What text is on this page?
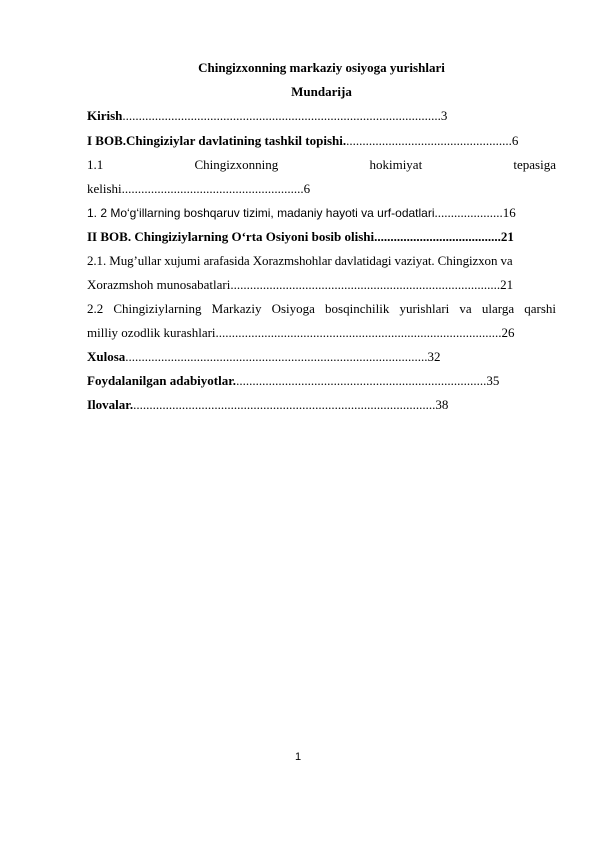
Chingizxonning markaziy osiyoga yurishlari
Mundarija
Kirish..................................................................................................3
I BOB.Chingiziylar davlatining tashkil topishi....................................................6
1.1	Chingizxonning	hokimiyat	tepasiga
kelishi........................................................6
1. 2 Mo‘g‘illarning boshqaruv tizimi, madaniy hayoti va urf-odatlari.....................16
II BOB. Chingiziylarning O‘rta Osiyoni bosib olishi.......................................21
2.1. Mug’ullar xujumi arafasida Xorazmshohlar davlatidagi vaziyat. Chingizxon va
Xorazmshoh munosabatlari...................................................................................21
2.2 Chingiziylarning Markaziy Osiyoga bosqinchilik yurishlari va ularga qarshi
milliy ozodlik kurashlari........................................................................................26
Xulosa.............................................................................................32
Foydalanilgan adabiyotlar..............................................................................35
Ilovalar..............................................................................................38
1
